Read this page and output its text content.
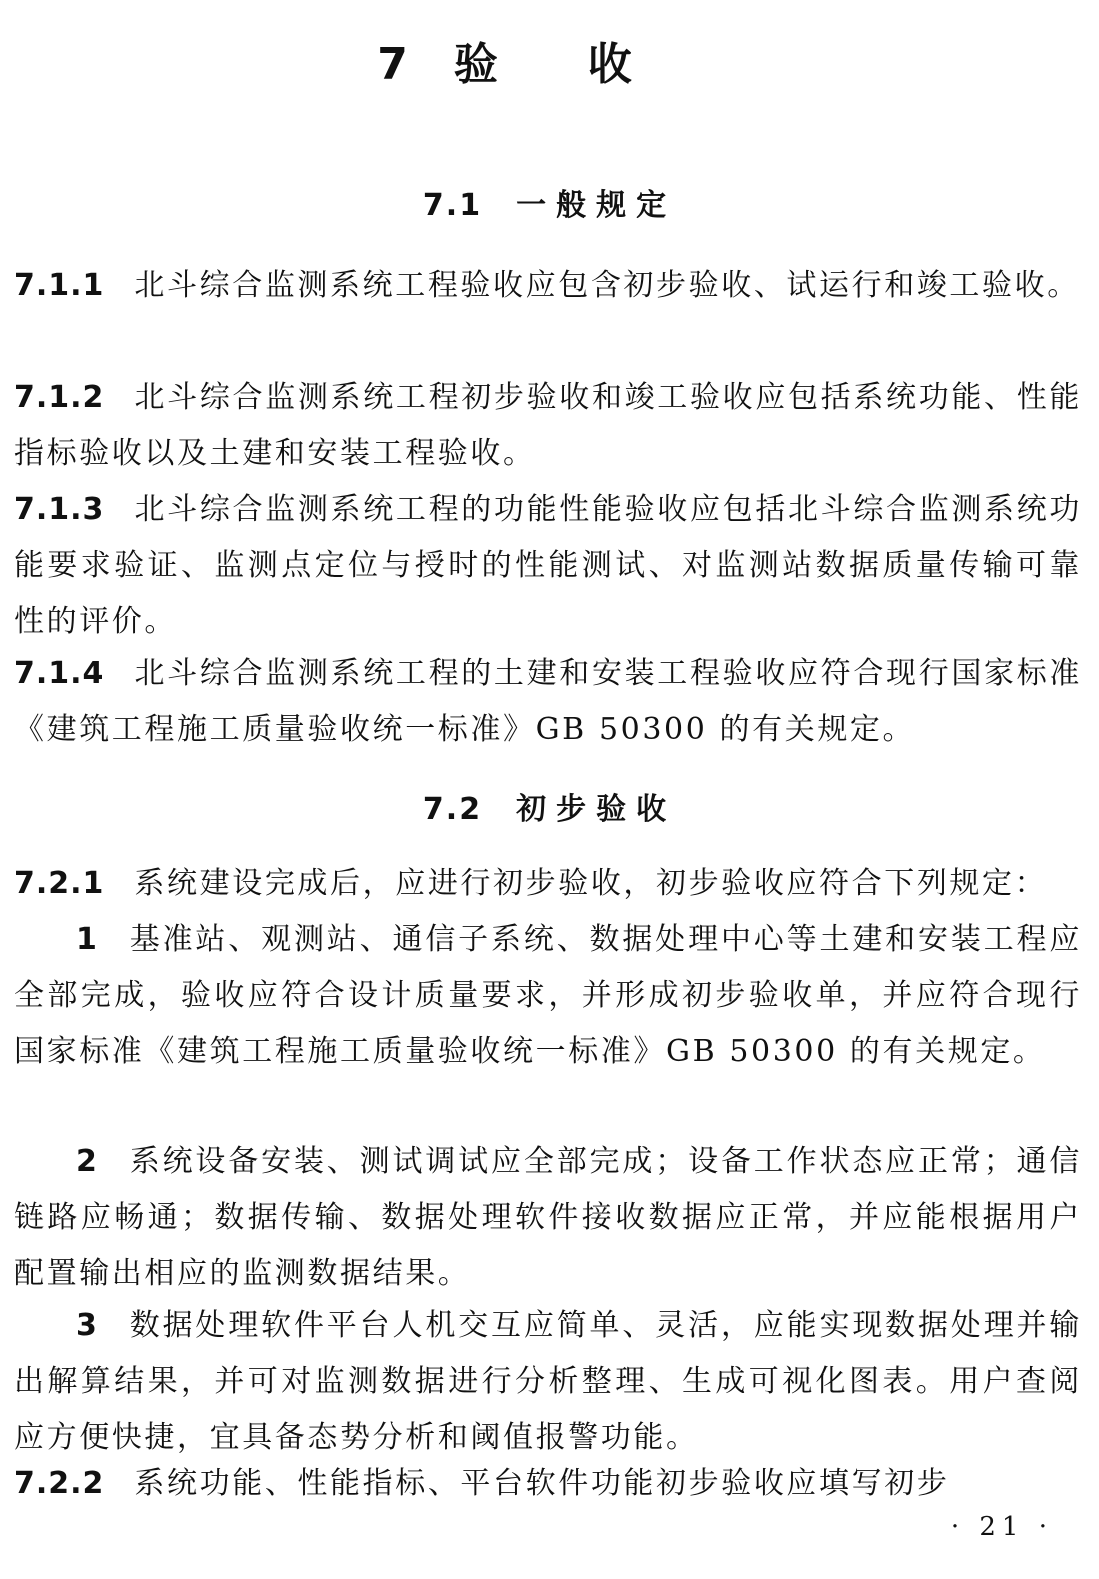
7 验收
7.1 一般规定
7.1.1 北斗综合监测系统工程验收应包含初步验收、试运行和竣工验收。
7.1.2 北斗综合监测系统工程初步验收和竣工验收应包括系统功能、性能指标验收以及土建和安装工程验收。
7.1.3 北斗综合监测系统工程的功能性能验收应包括北斗综合监测系统功能要求验证、监测点定位与授时的性能测试、对监测站数据质量传输可靠性的评价。
7.1.4 北斗综合监测系统工程的土建和安装工程验收应符合现行国家标准《建筑工程施工质量验收统一标准》GB 50300 的有关规定。
7.2 初步验收
7.2.1 系统建设完成后，应进行初步验收，初步验收应符合下列规定：
1 基准站、观测站、通信子系统、数据处理中心等土建和安装工程应全部完成，验收应符合设计质量要求，并形成初步验收单，并应符合现行国家标准《建筑工程施工质量验收统一标准》GB 50300 的有关规定。
2 系统设备安装、测试调试应全部完成；设备工作状态应正常；通信链路应畅通；数据传输、数据处理软件接收数据应正常，并应能根据用户配置输出相应的监测数据结果。
3 数据处理软件平台人机交互应简单、灵活，应能实现数据处理并输出解算结果，并可对监测数据进行分析整理、生成可视化图表。用户查阅应方便快捷，宜具备态势分析和阈值报警功能。
7.2.2 系统功能、性能指标、平台软件功能初步验收应填写初步
· 21 ·
